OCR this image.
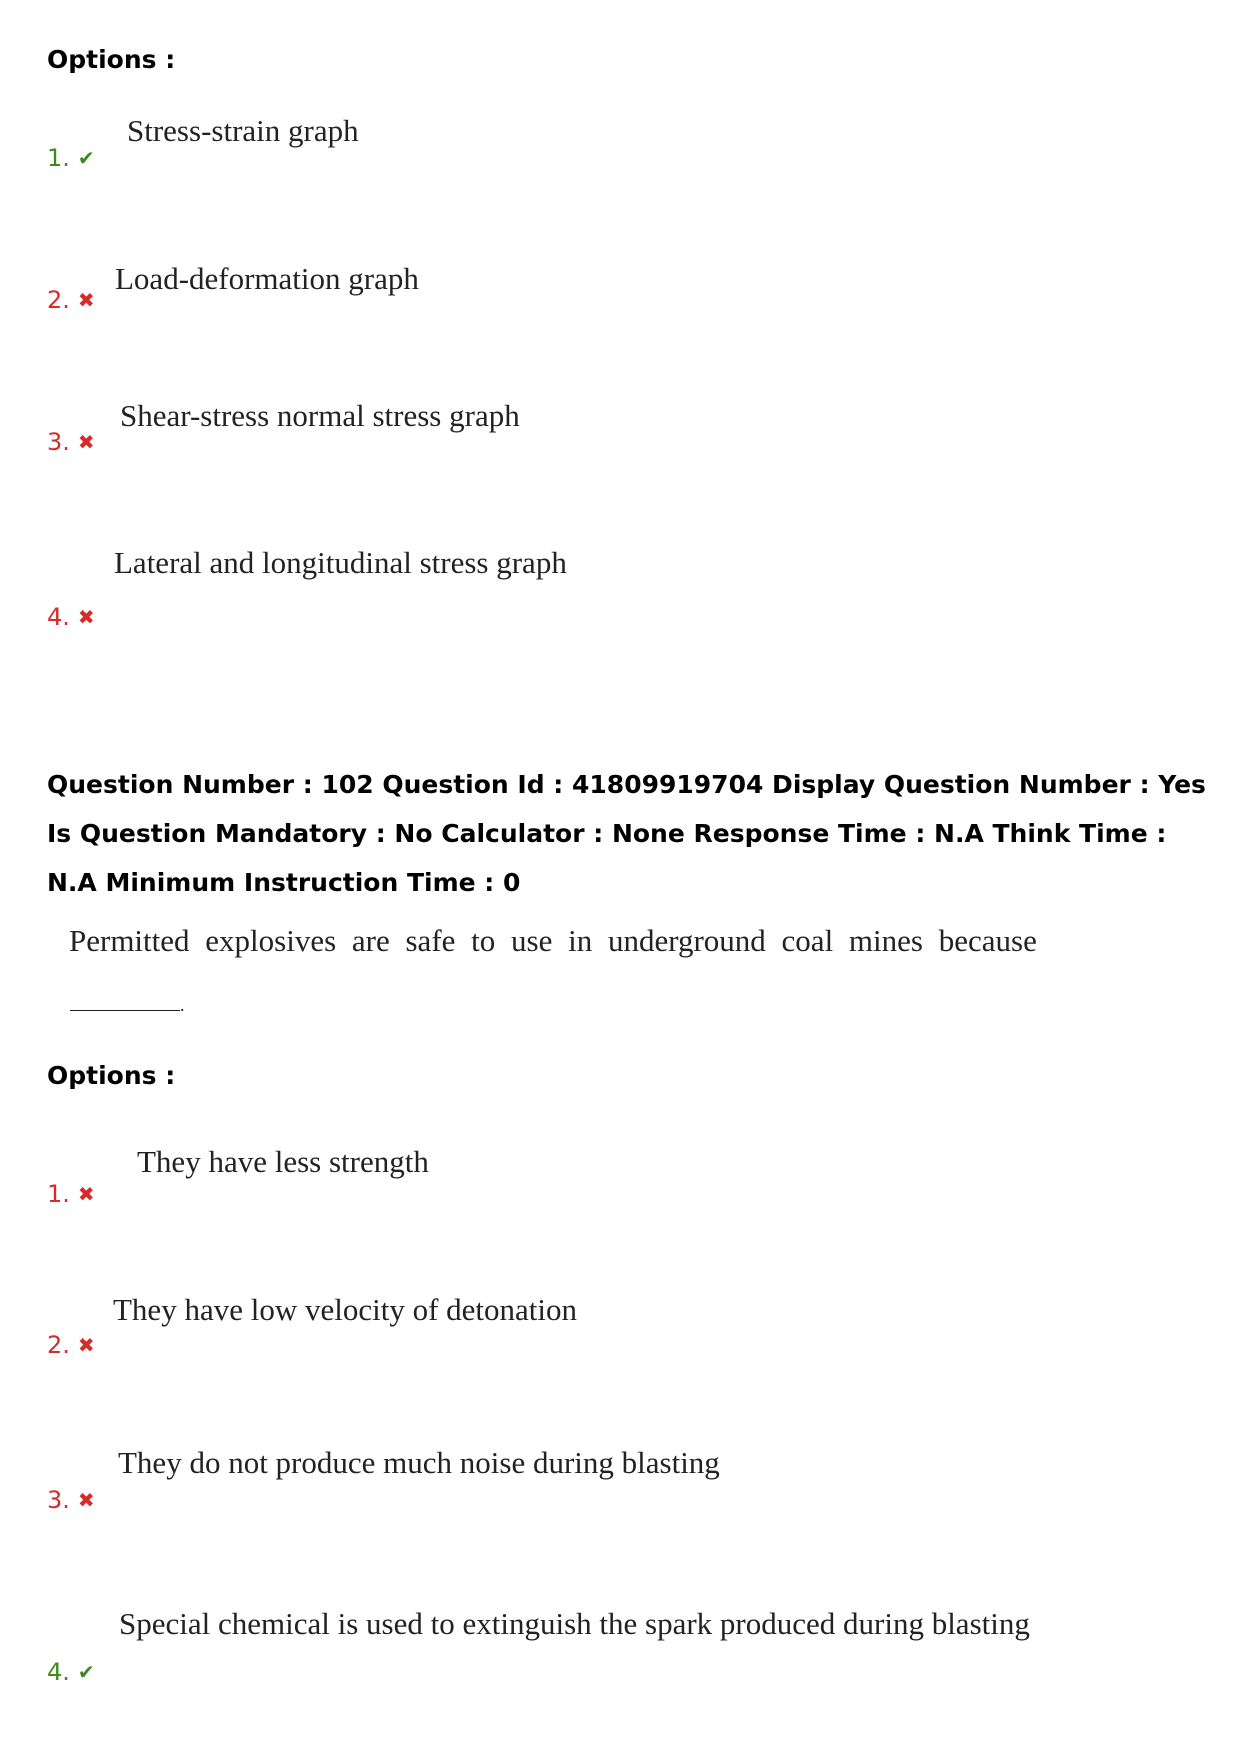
Options :
Stress-strain graph
1. ✔
Load-deformation graph
2. ✖
Shear-stress normal stress graph
3. ✖
Lateral and longitudinal stress graph
4. ✖
Question Number : 102 Question Id : 41809919704 Display Question Number : Yes Is Question Mandatory : No Calculator : None Response Time : N.A Think Time : N.A Minimum Instruction Time : 0
Permitted explosives are safe to use in underground coal mines because
.
Options :
They have less strength
1. ✖
They have low velocity of detonation
2. ✖
They do not produce much noise during blasting
3. ✖
Special chemical is used to extinguish the spark produced during blasting
4. ✔
